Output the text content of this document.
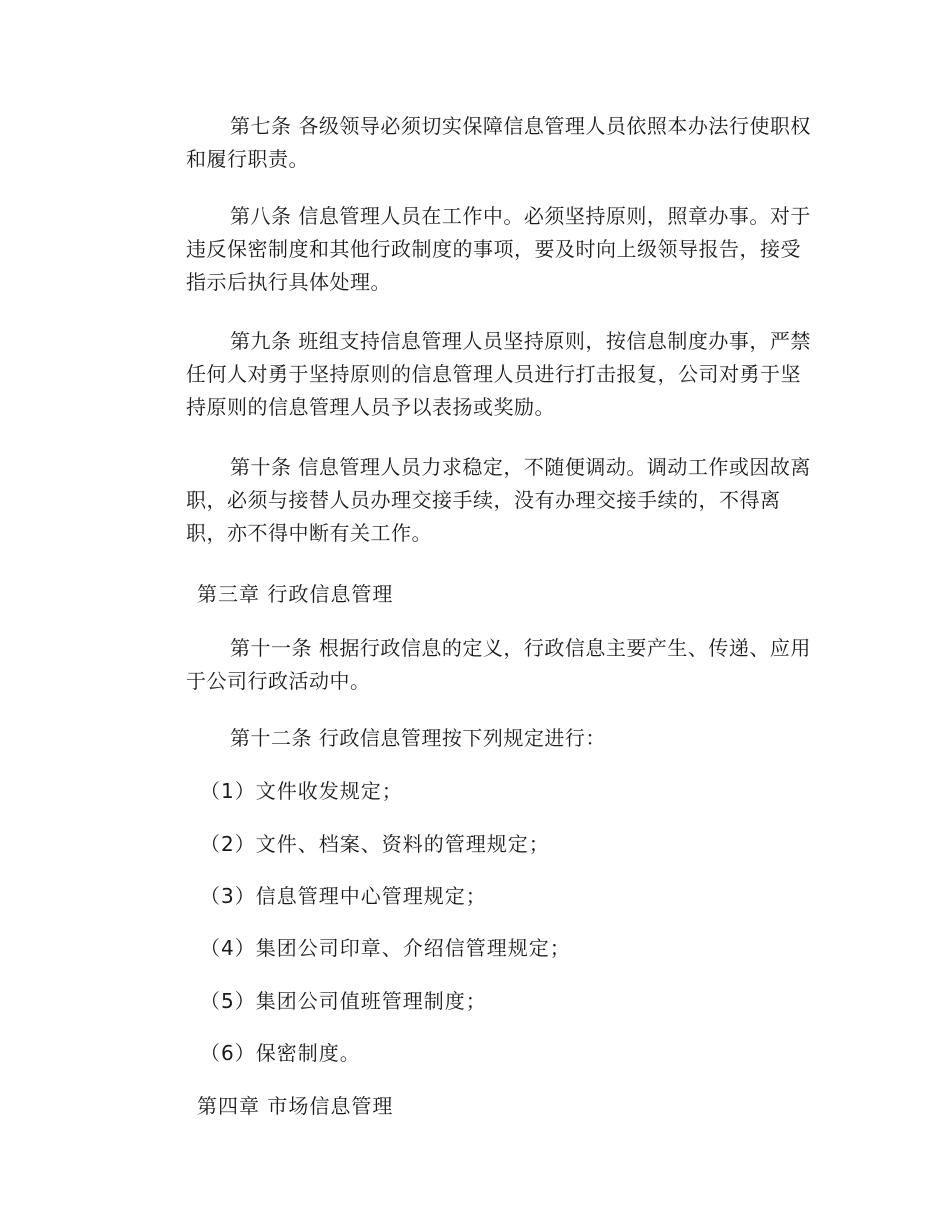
第七条 各级领导必须切实保障信息管理人员依照本办法行使职权
和履行职责。
第八条 信息管理人员在工作中。必须坚持原则，照章办事。对于
违反保密制度和其他行政制度的事项，要及时向上级领导报告，接受
指示后执行具体处理。
第九条 班组支持信息管理人员坚持原则，按信息制度办事，严禁
任何人对勇于坚持原则的信息管理人员进行打击报复，公司对勇于坚
持原则的信息管理人员予以表扬或奖励。
第十条 信息管理人员力求稳定，不随便调动。调动工作或因故离
职，必须与接替人员办理交接手续，没有办理交接手续的，不得离
职，亦不得中断有关工作。
第三章 行政信息管理
第十一条 根据行政信息的定义，行政信息主要产生、传递、应用
于公司行政活动中。
第十二条 行政信息管理按下列规定进行：
（1）文件收发规定；
（2）文件、档案、资料的管理规定；
（3）信息管理中心管理规定；
（4）集团公司印章、介绍信管理规定；
（5）集团公司值班管理制度；
（6）保密制度。
第四章 市场信息管理
